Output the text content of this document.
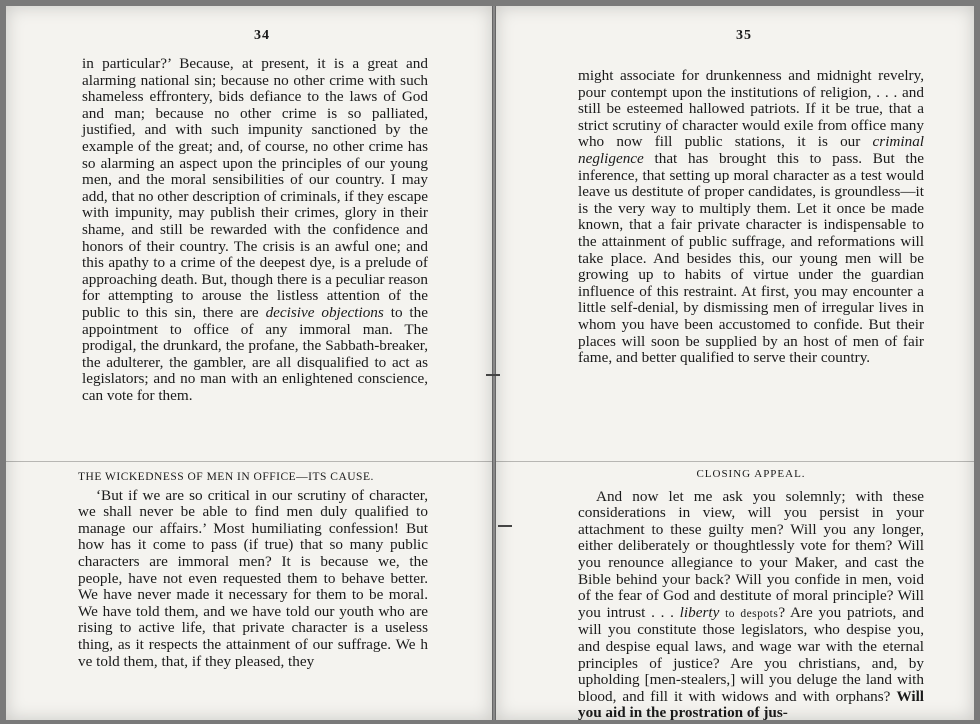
34
in particular?’ Because, at present, it is a great and alarming national sin; because no other crime with such shameless effrontery, bids defiance to the laws of God and man; because no other crime is so palliated, justified, and with such impunity sanctioned by the example of the great; and, of course, no other crime has so alarming an aspect upon the principles of our young men, and the moral sensibilities of our country. I may add, that no other description of criminals, if they escape with impunity, may publish their crimes, glory in their shame, and still be rewarded with the confidence and honors of their country. The crisis is an awful one; and this apathy to a crime of the deepest dye, is a prelude of approaching death. But, though there is a peculiar reason for attempting to arouse the listless attention of the public to this sin, there are decisive objections to the appointment to office of any immoral man. The prodigal, the drunkard, the profane, the Sabbath-breaker, the adulterer, the gambler, are all disqualified to act as legislators; and no man with an enlightened conscience, can vote for them.
THE WICKEDNESS OF MEN IN OFFICE—ITS CAUSE.
‘But if we are so critical in our scrutiny of character, we shall never be able to find men duly qualified to manage our affairs.’ Most humiliating confession! But how has it come to pass (if true) that so many public characters are immoral men? It is because we, the people, have not even requested them to behave better. We have never made it necessary for them to be moral. We have told them, and we have told our youth who are rising to active life, that private character is a useless thing, as it respects the attainment of our suffrage. We h ve told them, that, if they pleased, they
35
might associate for drunkenness and midnight revelry, pour contempt upon the institutions of religion, . . . and still be esteemed hallowed patriots. If it be true, that a strict scrutiny of character would exile from office many who now fill public stations, it is our criminal negligence that has brought this to pass. But the inference, that setting up moral character as a test would leave us destitute of proper candidates, is groundless—it is the very way to multiply them. Let it once be made known, that a fair private character is indispensable to the attainment of public suffrage, and reformations will take place. And besides this, our young men will be growing up to habits of virtue under the guardian influence of this restraint. At first, you may encounter a little self-denial, by dismissing men of irregular lives in whom you have been accustomed to confide. But their places will soon be supplied by an host of men of fair fame, and better qualified to serve their country.
CLOSING APPEAL.
And now let me ask you solemnly; with these considerations in view, will you persist in your attachment to these guilty men? Will you any longer, either deliberately or thoughtlessly vote for them? Will you renounce allegiance to your Maker, and cast the Bible behind your back? Will you confide in men, void of the fear of God and destitute of moral principle? Will you intrust . . . liberty to despots? Are you patriots, and will you constitute those legislators, who despise you, and despise equal laws, and wage war with the eternal principles of justice? Are you christians, and, by upholding [men-stealers,] will you deluge the land with blood, and fill it with widows and with orphans? Will you aid in the prostration of jus-
